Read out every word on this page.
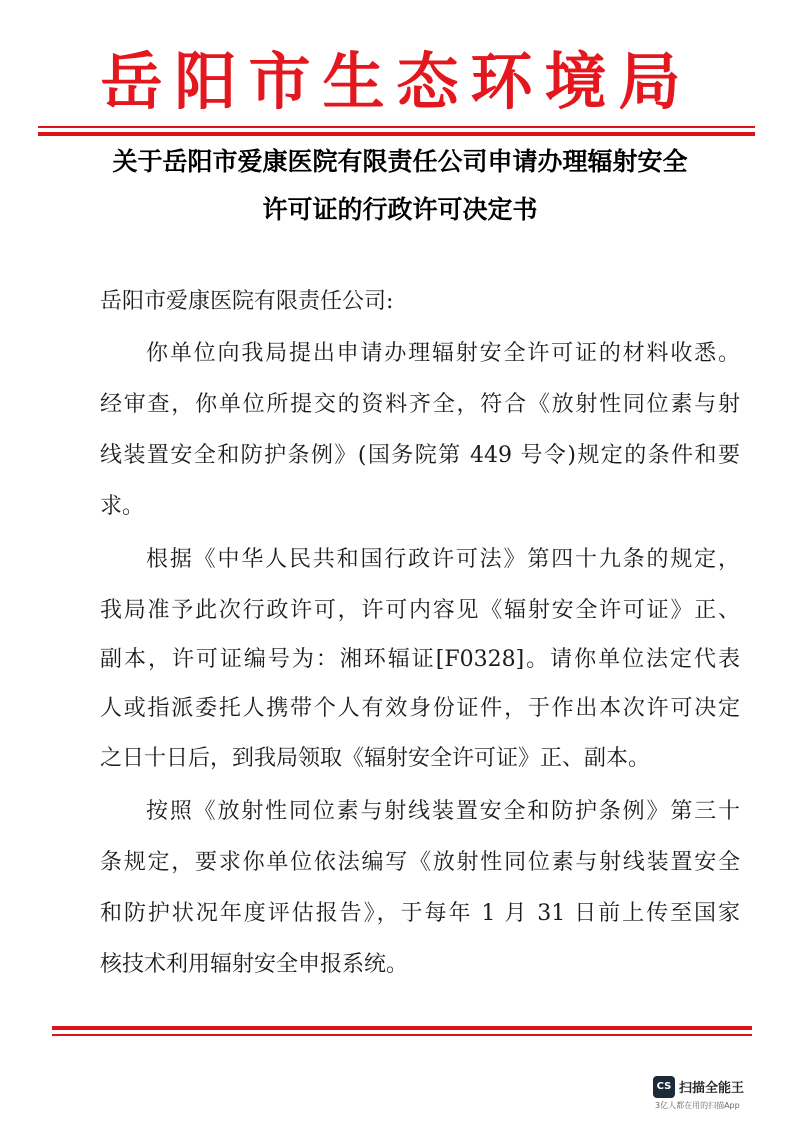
岳阳市生态环境局
关于岳阳市爱康医院有限责任公司申请办理辐射安全
许可证的行政许可决定书
岳阳市爱康医院有限责任公司:
你单位向我局提出申请办理辐射安全许可证的材料收悉。
经审查，你单位所提交的资料齐全，符合《放射性同位素与射
线装置安全和防护条例》(国务院第 449 号令)规定的条件和要
求。
根据《中华人民共和国行政许可法》第四十九条的规定，
我局准予此次行政许可，许可内容见《辐射安全许可证》正、
副本，许可证编号为：湘环辐证[F0328]。请你单位法定代表
人或指派委托人携带个人有效身份证件，于作出本次许可决定
之日十日后，到我局领取《辐射安全许可证》正、副本。
按照《放射性同位素与射线装置安全和防护条例》第三十
条规定，要求你单位依法编写《放射性同位素与射线装置安全
和防护状况年度评估报告》，于每年 1 月 31 日前上传至国家
核技术利用辐射安全申报系统。
CS 扫描全能王
3亿人都在用的扫描App
